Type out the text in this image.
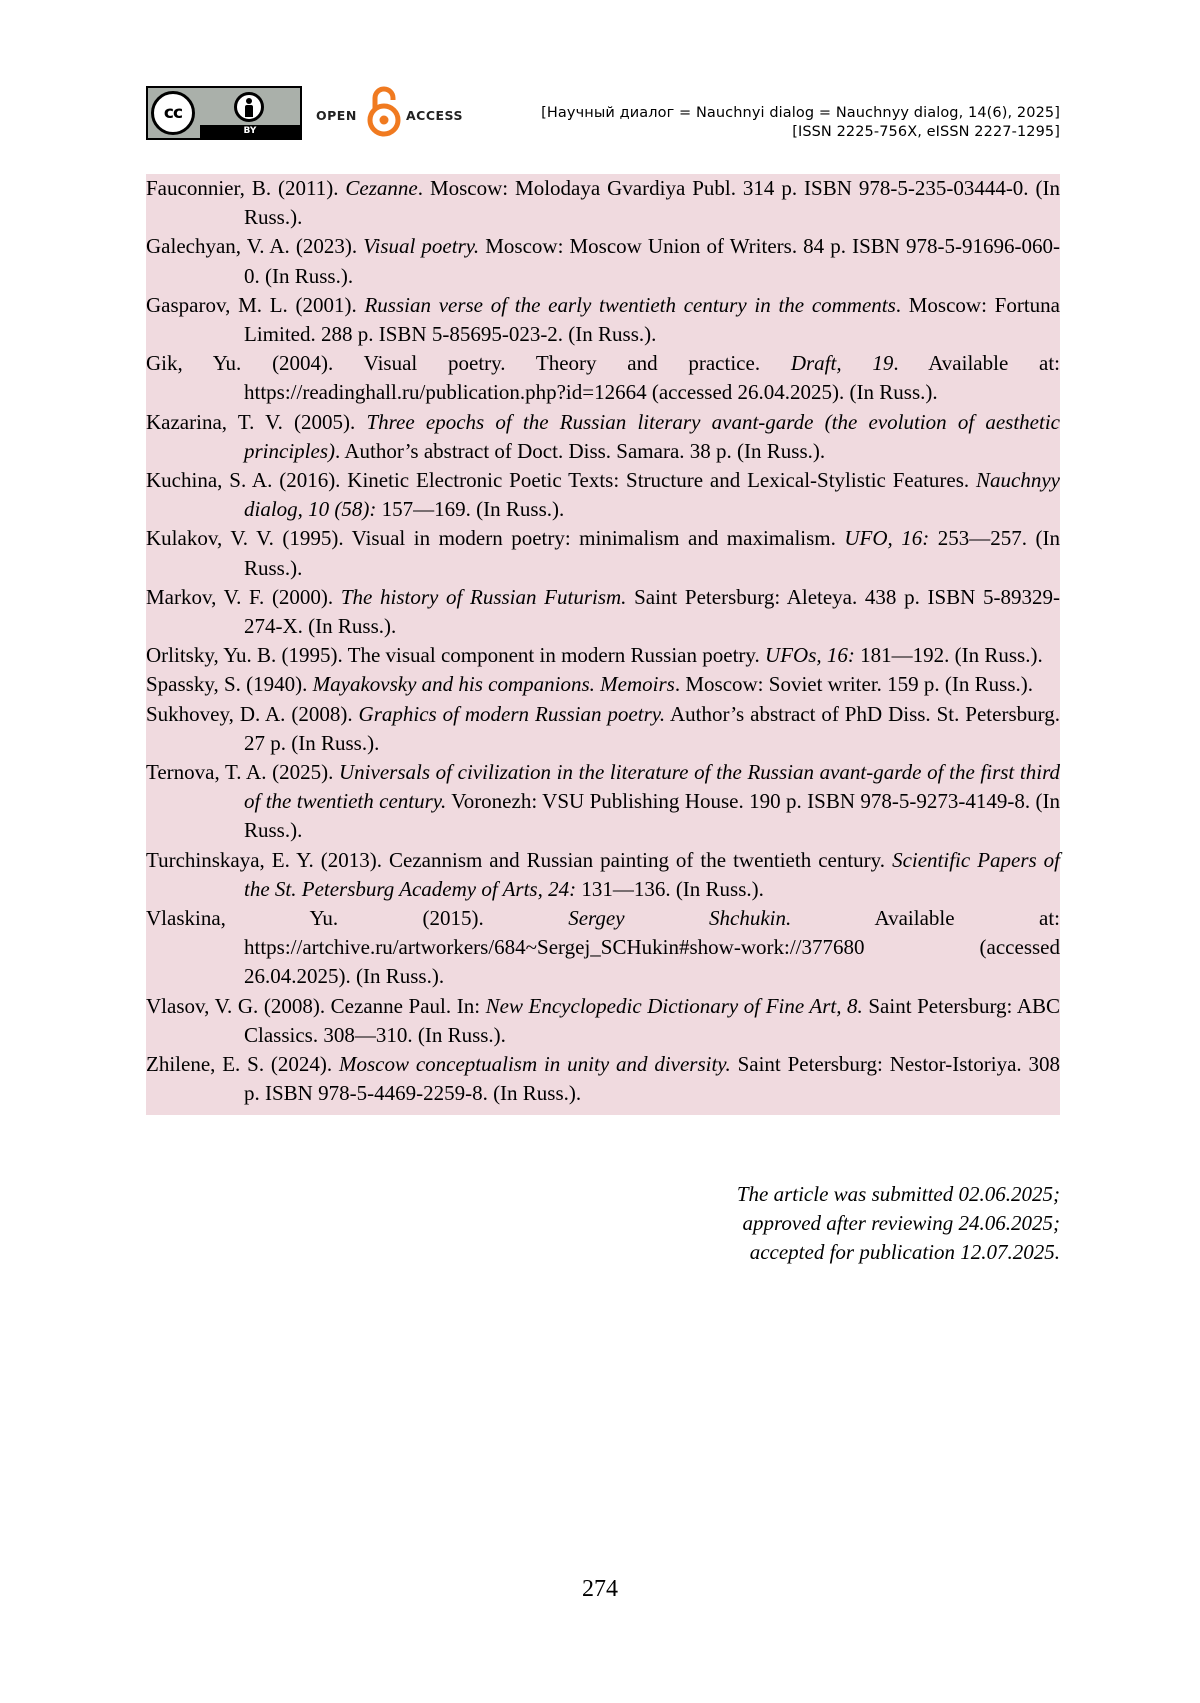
cc
BY
OPEN	ACCESS	[Научный диалог = Nauchnyi dialog = Nauchnyy dialog, 14(6), 2025]
[ISSN 2225-756X, eISSN 2227-1295]

Fauconnier, B. (2011). Cezanne. Moscow: Molodaya Gvardiya Publ. 314 p. ISBN 978-5-235-03444-0. (In Russ.).

Galechyan, V. A. (2023). Visual poetry. Moscow: Moscow Union of Writers. 84 p. ISBN 978-5-91696-060-0. (In Russ.).

Gasparov, M. L. (2001). Russian verse of the early twentieth century in the comments. Moscow: Fortuna Limited. 288 p. ISBN 5-85695-023-2. (In Russ.).

Gik, Yu. (2004). Visual poetry. Theory and practice. Draft, 19. Available at: https://readinghall.ru/publication.php?id=12664 (accessed 26.04.2025). (In Russ.).

Kazarina, T. V. (2005). Three epochs of the Russian literary avant-garde (the evolution of aesthetic principles). Author’s abstract of Doct. Diss. Samara. 38 p. (In Russ.).

Kuchina, S. A. (2016). Kinetic Electronic Poetic Texts: Structure and Lexical-Stylistic Features. Nauchnyy dialog, 10 (58): 157—169. (In Russ.).

Kulakov, V. V. (1995). Visual in modern poetry: minimalism and maximalism. UFO, 16: 253—257. (In Russ.).

Markov, V. F. (2000). The history of Russian Futurism. Saint Petersburg: Aleteya. 438 p. ISBN 5-89329-274-X. (In Russ.).

Orlitsky, Yu. B. (1995). The visual component in modern Russian poetry. UFOs, 16: 181—192. (In Russ.).

Spassky, S. (1940). Mayakovsky and his companions. Memoirs. Moscow: Soviet writer. 159 p. (In Russ.).

Sukhovey, D. A. (2008). Graphics of modern Russian poetry. Author’s abstract of PhD Diss. St. Petersburg. 27 p. (In Russ.).

Ternova, T. A. (2025). Universals of civilization in the literature of the Russian avant-garde of the first third of the twentieth century. Voronezh: VSU Publishing House. 190 p. ISBN 978-5-9273-4149-8. (In Russ.).

Turchinskaya, E. Y. (2013). Cezannism and Russian painting of the twentieth century. Scientific Papers of the St. Petersburg Academy of Arts, 24: 131—136. (In Russ.).

Vlaskina, Yu. (2015). Sergey Shchukin. Available at: https://artchive.ru/artworkers/684~Sergej_SCHukin#show-work://377680 (accessed 26.04.2025). (In Russ.).

Vlasov, V. G. (2008). Cezanne Paul. In: New Encyclopedic Dictionary of Fine Art, 8. Saint Petersburg: ABC Classics. 308—310. (In Russ.).

Zhilene, E. S. (2024). Moscow conceptualism in unity and diversity. Saint Petersburg: Nestor-Istoriya. 308 p. ISBN 978-5-4469-2259-8. (In Russ.).

The article was submitted 02.06.2025;
approved after reviewing 24.06.2025;
accepted for publication 12.07.2025.
274
